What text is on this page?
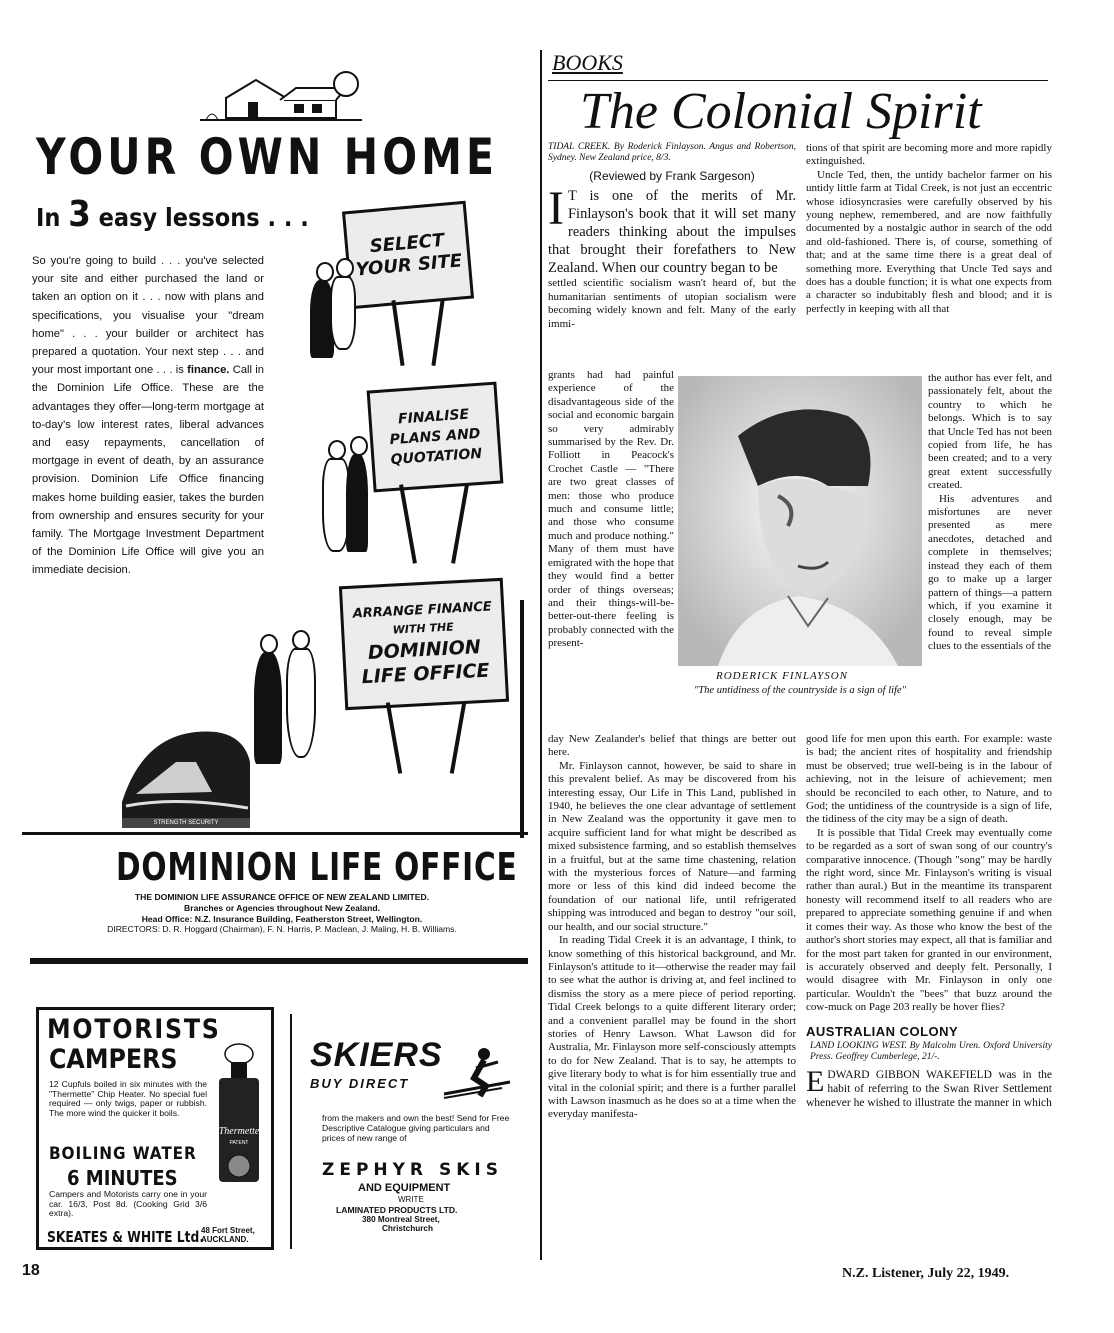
YOUR OWN HOME
In 3 easy lessons . . .
So you're going to build . . . you've selected your site and either purchased the land or taken an option on it . . . now with plans and specifications, you visualise your "dream home" . . . your builder or architect has prepared a quotation. Your next step . . . and your most important one . . . is finance. Call in the Dominion Life Office. These are the advantages they offer—long-term mortgage at to-day's low interest rates, liberal advances and easy repayments, cancellation of mortgage in event of death, by an assurance provision. Dominion Life Office financing makes home building easier, takes the burden from ownership and ensures security for your family. The Mortgage Investment Department of the Dominion Life Office will give you an immediate decision.
SELECT
YOUR SITE
FINALISE
PLANS AND
QUOTATION
ARRANGE FINANCE
WITH THE
DOMINION
LIFE OFFICE
STRENGTH SECURITY
DOMINION LIFE OFFICE
THE DOMINION LIFE ASSURANCE OFFICE OF NEW ZEALAND LIMITED.
Branches or Agencies throughout New Zealand.
Head Office: N.Z. Insurance Building, Featherston Street, Wellington.
DIRECTORS: D. R. Hoggard (Chairman), F. N. Harris, P. Maclean, J. Maling, H. B. Williams.
MOTORISTS
CAMPERS
12 Cupfuls boiled in six minutes with the "Thermette" Chip Heater. No special fuel required — only twigs, paper or rubbish. The more wind the quicker it boils.
Thermette
PATENT
BOILING WATER
6 MINUTES
Campers and Motorists carry one in your car. 16/3, Post 8d. (Cooking Grid 3/6 extra).
SKEATES & WHITE Ltd.
48 Fort Street, AUCKLAND.
SKIERS
BUY DIRECT
from the makers and own the best! Send for Free Descriptive Catalogue giving particulars and prices of new range of
ZEPHYR SKIS
AND EQUIPMENT
WRITE
LAMINATED PRODUCTS LTD.
380 Montreal Street,
Christchurch
BOOKS
The Colonial Spirit
TIDAL CREEK. By Roderick Finlayson. Angus and Robertson, Sydney. New Zealand price, 8/3.
(Reviewed by Frank Sargeson)
I T is one of the merits of Mr. Finlayson's book that it will set many readers thinking about the impulses that brought their forefathers to New Zealand. When our country began to be

settled scientific socialism wasn't heard of, but the humanitarian sentiments of utopian socialism were becoming widely known and felt. Many of the early immi-

grants had had painful experience of the disadvantageous side of the social and economic bargain so very admirably summarised by the Rev. Dr. Folliott in Peacock's Crochet Castle — "There are two great classes of men: those who produce much and consume little; and those who consume much and produce nothing." Many of them must have emigrated with the hope that they would find a better order of things overseas; and their things-will-be-better-out-there feeling is probably connected with the present-

RODERICK FINLAYSON
"The untidiness of the countryside is a sign of life"

day New Zealander's belief that things are better out here.

Mr. Finlayson cannot, however, be said to share in this prevalent belief. As may be discovered from his interesting essay, Our Life in This Land, published in 1940, he believes the one clear advantage of settlement in New Zealand was the opportunity it gave men to acquire sufficient land for what might be described as mixed subsistence farming, and so establish themselves in a fruitful, but at the same time chastening, relation with the mysterious forces of Nature—and farming more or less of this kind did indeed become the foundation of our national life, until refrigerated shipping was introduced and began to destroy "our soil, our health, and our social structure."

In reading Tidal Creek it is an advantage, I think, to know something of this historical background, and Mr. Finlayson's attitude to it—otherwise the reader may fail to see what the author is driving at, and feel inclined to dismiss the story as a mere piece of period reporting. Tidal Creek belongs to a quite different literary order; and a convenient parallel may be found in the short stories of Henry Lawson. What Lawson did for Australia, Mr. Finlayson more self-consciously attempts to do for New Zealand. That is to say, he attempts to give literary body to what is for him essentially true and vital in the colonial spirit; and there is a further parallel with Lawson inasmuch as he does so at a time when the everyday manifesta-

tions of that spirit are becoming more and more rapidly extinguished.

Uncle Ted, then, the untidy bachelor farmer on his untidy little farm at Tidal Creek, is not just an eccentric whose idiosyncrasies were carefully observed by his young nephew, remembered, and are now faithfully documented by a nostalgic author in search of the odd and old-fashioned. There is, of course, something of that; and at the same time there is a great deal of something more. Everything that Uncle Ted says and does has a double function; it is what one expects from a character so indubitably flesh and blood; and it is perfectly in keeping with all that

the author has ever felt, and passionately felt, about the country to which he belongs. Which is to say that Uncle Ted has not been copied from life, he has been created; and to a very great extent successfully created.

His adventures and misfortunes are never presented as mere anecdotes, detached and complete in themselves; instead they each of them go to make up a larger pattern of things—a pattern which, if you examine it closely enough, may be found to reveal simple clues to the essentials of the

good life for men upon this earth. For example: waste is bad; the ancient rites of hospitality and friendship must be observed; true well-being is in the labour of achieving, not in the leisure of achievement; men should be reconciled to each other, to Nature, and to God; the untidiness of the countryside is a sign of life, the tidiness of the city may be a sign of death.

It is possible that Tidal Creek may eventually come to be regarded as a sort of swan song of our country's comparative innocence. (Though "song" may be hardly the right word, since Mr. Finlayson's writing is visual rather than aural.) But in the meantime its transparent honesty will recommend itself to all readers who are prepared to appreciate something genuine if and when it comes their way. As those who know the best of the author's short stories may expect, all that is familiar and for the most part taken for granted in our environment, is accurately observed and deeply felt. Personally, I would disagree with Mr. Finlayson in only one particular. Wouldn't the "bees" that buzz around the cow-muck on Page 203 really be hover flies?

AUSTRALIAN COLONY
LAND LOOKING WEST. By Malcolm Uren. Oxford University Press. Geoffrey Cumberlege, 21/-.
E DWARD GIBBON WAKEFIELD was in the habit of referring to the Swan River Settlement whenever he wished to illustrate the manner in which
18	N.Z. Listener, July 22, 1949.
